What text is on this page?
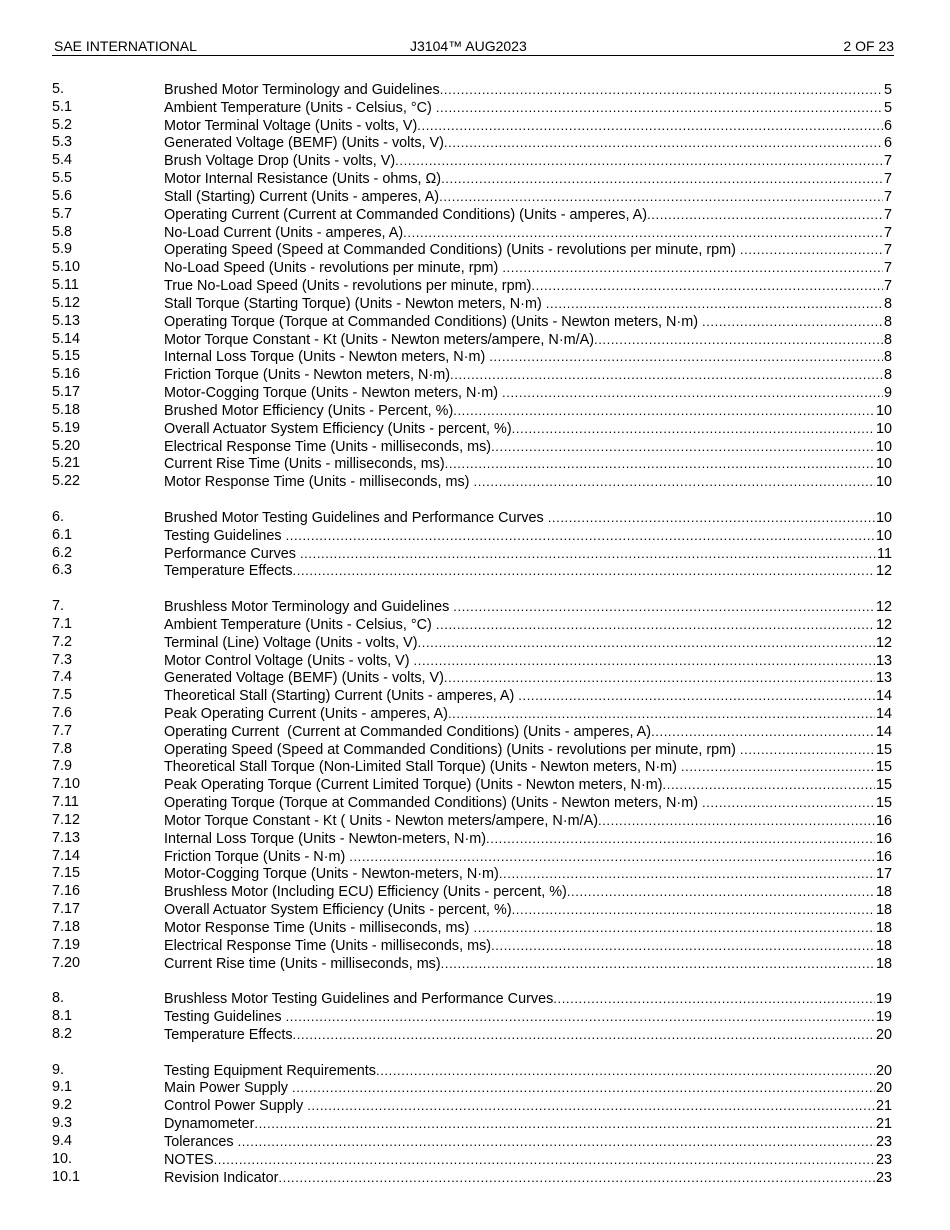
SAE INTERNATIONAL	J3104™ AUG2023	2 OF 23
5.	Brushed Motor Terminology and Guidelines .....	5
5.1	Ambient Temperature (Units - Celsius, °C) .....	5
5.2	Motor Terminal Voltage (Units - volts, V) .....	6
5.3	Generated Voltage (BEMF) (Units - volts, V) .....	6
5.4	Brush Voltage Drop (Units - volts, V) .....	7
5.5	Motor Internal Resistance (Units - ohms, Ω) .....	7
5.6	Stall (Starting) Current (Units - amperes, A) .....	7
5.7	Operating Current (Current at Commanded Conditions) (Units - amperes, A) .....	7
5.8	No-Load Current (Units - amperes, A) .....	7
5.9	Operating Speed (Speed at Commanded Conditions) (Units - revolutions per minute, rpm) .....	7
5.10	No-Load Speed (Units - revolutions per minute, rpm) .....	7
5.11	True No-Load Speed (Units - revolutions per minute, rpm) .....	7
5.12	Stall Torque (Starting Torque) (Units - Newton meters, N·m) .....	8
5.13	Operating Torque (Torque at Commanded Conditions) (Units - Newton meters, N·m) .....	8
5.14	Motor Torque Constant - Kt (Units - Newton meters/ampere, N·m/A) .....	8
5.15	Internal Loss Torque (Units - Newton meters, N·m) .....	8
5.16	Friction Torque (Units - Newton meters, N·m) .....	8
5.17	Motor-Cogging Torque (Units - Newton meters, N·m) .....	9
5.18	Brushed Motor Efficiency (Units - Percent, %) .....	10
5.19	Overall Actuator System Efficiency (Units - percent, %) .....	10
5.20	Electrical Response Time (Units - milliseconds, ms) .....	10
5.21	Current Rise Time (Units - milliseconds, ms) .....	10
5.22	Motor Response Time (Units - milliseconds, ms) .....	10
6.	Brushed Motor Testing Guidelines and Performance Curves .....	10
6.1	Testing Guidelines .....	10
6.2	Performance Curves .....	11
6.3	Temperature Effects .....	12
7.	Brushless Motor Terminology and Guidelines .....	12
7.1	Ambient Temperature (Units - Celsius, °C) .....	12
7.2	Terminal (Line) Voltage (Units - volts, V) .....	12
7.3	Motor Control Voltage (Units - volts, V) .....	13
7.4	Generated Voltage (BEMF) (Units - volts, V) .....	13
7.5	Theoretical Stall (Starting) Current (Units - amperes, A) .....	14
7.6	Peak Operating Current (Units - amperes, A) .....	14
7.7	Operating Current  (Current at Commanded Conditions) (Units - amperes, A) .....	14
7.8	Operating Speed (Speed at Commanded Conditions) (Units - revolutions per minute, rpm) .....	15
7.9	Theoretical Stall Torque (Non-Limited Stall Torque) (Units - Newton meters, N·m) .....	15
7.10	Peak Operating Torque (Current Limited Torque) (Units - Newton meters, N·m) .....	15
7.11	Operating Torque (Torque at Commanded Conditions) (Units - Newton meters, N·m) .....	15
7.12	Motor Torque Constant - Kt ( Units - Newton meters/ampere, N·m/A) .....	16
7.13	Internal Loss Torque (Units - Newton-meters, N·m) .....	16
7.14	Friction Torque (Units - N·m) .....	16
7.15	Motor-Cogging Torque (Units - Newton-meters, N·m) .....	17
7.16	Brushless Motor (Including ECU) Efficiency (Units - percent, %) .....	18
7.17	Overall Actuator System Efficiency (Units - percent, %) .....	18
7.18	Motor Response Time (Units - milliseconds, ms) .....	18
7.19	Electrical Response Time (Units - milliseconds, ms) .....	18
7.20	Current Rise time (Units - milliseconds, ms) .....	18
8.	Brushless Motor Testing Guidelines and Performance Curves .....	19
8.1	Testing Guidelines .....	19
8.2	Temperature Effects .....	20
9.	Testing Equipment Requirements .....	20
9.1	Main Power Supply .....	20
9.2	Control Power Supply .....	21
9.3	Dynamometer .....	21
9.4	Tolerances .....	23
10.	NOTES .....	23
10.1	Revision Indicator .....	23
